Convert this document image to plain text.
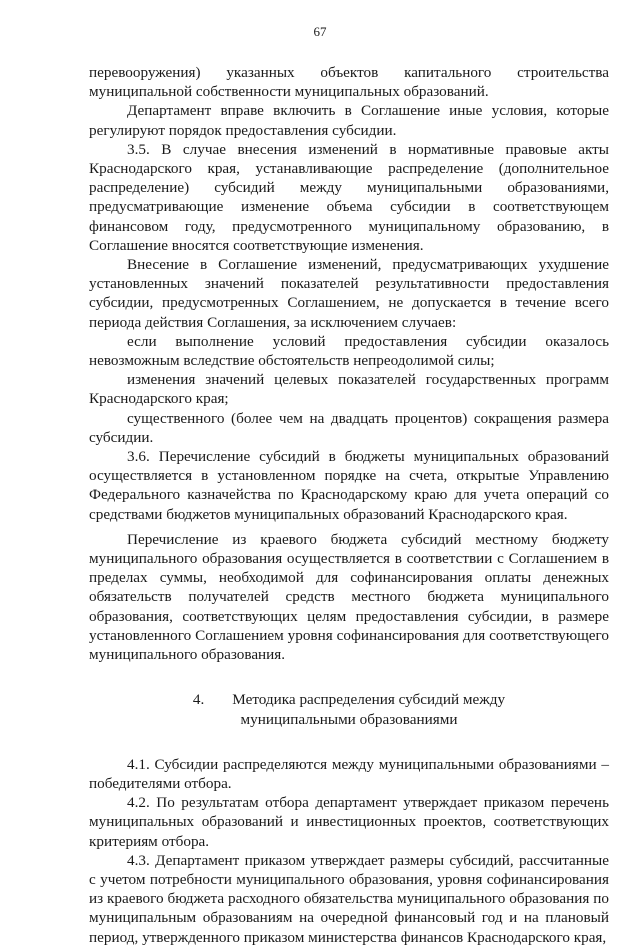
67

перевооружения) указанных объектов капитального строительства муниципальной собственности муниципальных образований.

Департамент вправе включить в Соглашение иные условия, которые регулируют порядок предоставления субсидии.

3.5. В случае внесения изменений в нормативные правовые акты Краснодарского края, устанавливающие распределение (дополнительное распределение) субсидий между муниципальными образованиями, предусматривающие изменение объема субсидии в соответствующем финансовом году, предусмотренного муниципальному образованию, в Соглашение вносятся соответствующие изменения.

Внесение в Соглашение изменений, предусматривающих ухудшение установленных значений показателей результативности предоставления субсидии, предусмотренных Соглашением, не допускается в течение всего периода действия Соглашения, за исключением случаев:

если выполнение условий предоставления субсидии оказалось невозможным вследствие обстоятельств непреодолимой силы;

изменения значений целевых показателей государственных программ Краснодарского края;

существенного (более чем на двадцать процентов) сокращения размера субсидии.

3.6. Перечисление субсидий в бюджеты муниципальных образований осуществляется в установленном порядке на счета, открытые Управлению Федерального казначейства по Краснодарскому краю для учета операций со средствами бюджетов муниципальных образований Краснодарского края.

Перечисление из краевого бюджета субсидий местному бюджету муниципального образования осуществляется в соответствии с Соглашением в пределах суммы, необходимой для софинансирования оплаты денежных обязательств получателей средств местного бюджета муниципального образования, соответствующих целям предоставления субсидии, в размере установленного Соглашением уровня софинансирования для соответствующего муниципального образования.

4. Методика распределения субсидий между
муниципальными образованиями

4.1. Субсидии распределяются между муниципальными образованиями – победителями отбора.

4.2. По результатам отбора департамент утверждает приказом перечень муниципальных образований и инвестиционных проектов, соответствующих критериям отбора.

4.3. Департамент приказом утверждает размеры субсидий, рассчитанные с учетом потребности муниципального образования, уровня софинансирования из краевого бюджета расходного обязательства муниципального образования по муниципальным образованиям на очередной финансовый год и на плановый период, утвержденного приказом министерства финансов Краснодарского края,
